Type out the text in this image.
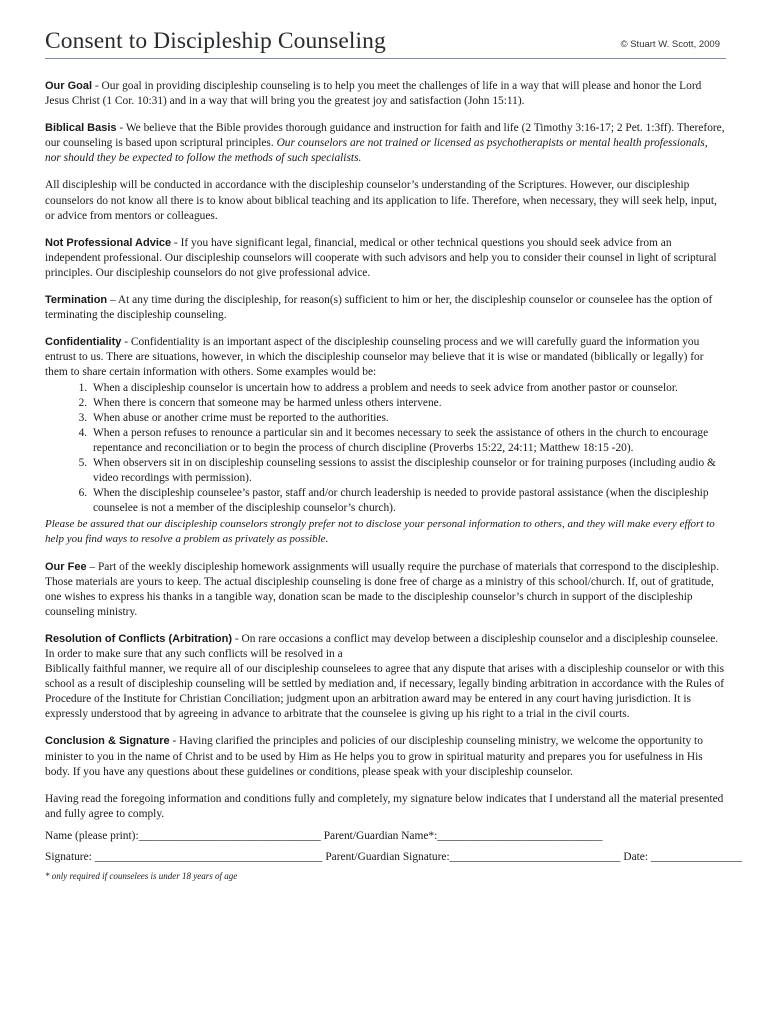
Consent to Discipleship Counseling	© Stuart W. Scott, 2009

Our Goal - Our goal in providing discipleship counseling is to help you meet the challenges of life in a way that will please and honor the Lord Jesus Christ (1 Cor. 10:31) and in a way that will bring you the greatest joy and satisfaction (John 15:11).

Biblical Basis - We believe that the Bible provides thorough guidance and instruction for faith and life (2 Timothy 3:16-17; 2 Pet. 1:3ff). Therefore, our counseling is based upon scriptural principles. Our counselors are not trained or licensed as psychotherapists or mental health professionals, nor should they be expected to follow the methods of such specialists.

All discipleship will be conducted in accordance with the discipleship counselor’s understanding of the Scriptures. However, our discipleship counselors do not know all there is to know about biblical teaching and its application to life. Therefore, when necessary, they will seek help, input, or advice from mentors or colleagues.

Not Professional Advice - If you have significant legal, financial, medical or other technical questions you should seek advice from an independent professional. Our discipleship counselors will cooperate with such advisors and help you to consider their counsel in light of scriptural principles. Our discipleship counselors do not give professional advice.

Termination – At any time during the discipleship, for reason(s) sufficient to him or her, the discipleship counselor or counselee has the option of terminating the discipleship counseling.

Confidentiality - Confidentiality is an important aspect of the discipleship counseling process and we will carefully guard the information you entrust to us. There are situations, however, in which the discipleship counselor may believe that it is wise or mandated (biblically or legally) for them to share certain information with others. Some examples would be:

1. When a discipleship counselor is uncertain how to address a problem and needs to seek advice from another pastor or counselor.
2. When there is concern that someone may be harmed unless others intervene.
3. When abuse or another crime must be reported to the authorities.
4. When a person refuses to renounce a particular sin and it becomes necessary to seek the assistance of others in the church to encourage repentance and reconciliation or to begin the process of church discipline (Proverbs 15:22, 24:11; Matthew 18:15 -20).
5. When observers sit in on discipleship counseling sessions to assist the discipleship counselor or for training purposes (including audio & video recordings with permission).
6. When the discipleship counselee’s pastor, staff and/or church leadership is needed to provide pastoral assistance (when the discipleship counselee is not a member of the discipleship counselor’s church).

Please be assured that our discipleship counselors strongly prefer not to disclose your personal information to others, and they will make every effort to help you find ways to resolve a problem as privately as possible.

Our Fee – Part of the weekly discipleship homework assignments will usually require the purchase of materials that correspond to the discipleship. Those materials are yours to keep. The actual discipleship counseling is done free of charge as a ministry of this school/church. If, out of gratitude, one wishes to express his thanks in a tangible way, donation scan be made to the discipleship counselor’s church in support of the discipleship counseling ministry.

Resolution of Conflicts (Arbitration) - On rare occasions a conflict may develop between a discipleship counselor and a discipleship counselee. In order to make sure that any such conflicts will be resolved in a
Biblically faithful manner, we require all of our discipleship counselees to agree that any dispute that arises with a discipleship counselor or with this school as a result of discipleship counseling will be settled by mediation and, if necessary, legally binding arbitration in accordance with the Rules of Procedure of the Institute for Christian Conciliation; judgment upon an arbitration award may be entered in any court having jurisdiction. It is expressly understood that by agreeing in advance to arbitrate that the counselee is giving up his right to a trial in the civil courts.

Conclusion & Signature - Having clarified the principles and policies of our discipleship counseling ministry, we welcome the opportunity to minister to you in the name of Christ and to be used by Him as He helps you to grow in spiritual maturity and prepares you for usefulness in His body. If you have any questions about these guidelines or conditions, please speak with your discipleship counselor.

Having read the foregoing information and conditions fully and completely, my signature below indicates that I understand all the material presented and fully agree to comply.

Name (please print):________________________________ Parent/Guardian Name*:_____________________________
Signature: ________________________________________ Parent/Guardian Signature:______________________________ Date: ________________
* only required if counselees is under 18 years of age
